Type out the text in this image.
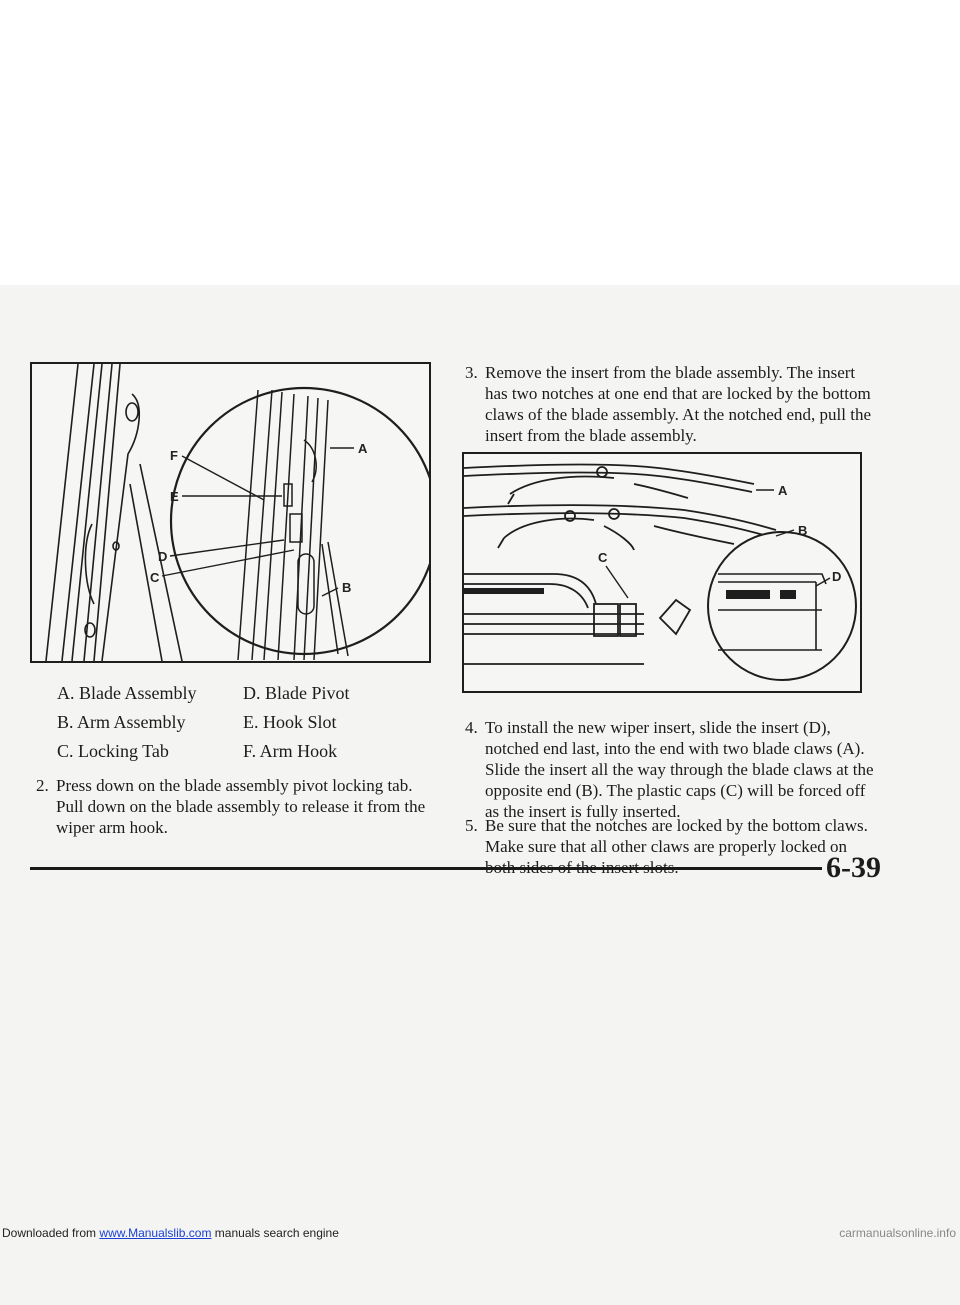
F	A
E
D
C
B
A. Blade Assembly	D. Blade Pivot
B. Arm Assembly	E. Hook Slot
C. Locking Tab	F. Arm Hook
2. Press down on the blade assembly pivot locking tab. Pull down on the blade assembly to release it from the wiper arm hook.
3. Remove the insert from the blade assembly. The insert has two notches at one end that are locked by the bottom claws of the blade assembly. At the notched end, pull the insert from the blade assembly.
A
B
C
D
4. To install the new wiper insert, slide the insert (D), notched end last, into the end with two blade claws (A). Slide the insert all the way through the blade claws at the opposite end (B). The plastic caps (C) will be forced off as the insert is fully inserted.
5. Be sure that the notches are locked by the bottom claws. Make sure that all other claws are properly locked on
6-39
Downloaded from www.Manualslib.com manuals search engine	carmanualsonline.info
